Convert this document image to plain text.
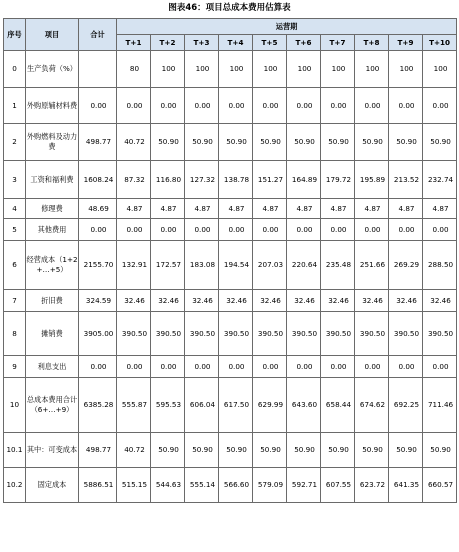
图表46：项目总成本费用估算表
序号	项目	合计	运营期									
			T+1	T+2	T+3	T+4	T+5	T+6	T+7	T+8	T+9	T+10
0	生产负荷（%）		80	100	100	100	100	100	100	100	100	100
1	外购原辅材料费	0.00	0.00	0.00	0.00	0.00	0.00	0.00	0.00	0.00	0.00	0.00
2	外购燃料及动力费	498.77	40.72	50.90	50.90	50.90	50.90	50.90	50.90	50.90	50.90	50.90
3	工资和福利费	1608.24	87.32	116.80	127.32	138.78	151.27	164.89	179.72	195.89	213.52	232.74
4	修理费	48.69	4.87	4.87	4.87	4.87	4.87	4.87	4.87	4.87	4.87	4.87
5	其他费用	0.00	0.00	0.00	0.00	0.00	0.00	0.00	0.00	0.00	0.00	0.00
6	经营成本（1+2+…+5）	2155.70	132.91	172.57	183.08	194.54	207.03	220.64	235.48	251.66	269.29	288.50
7	折旧费	324.59	32.46	32.46	32.46	32.46	32.46	32.46	32.46	32.46	32.46	32.46
8	摊销费	3905.00	390.50	390.50	390.50	390.50	390.50	390.50	390.50	390.50	390.50	390.50
9	利息支出	0.00	0.00	0.00	0.00	0.00	0.00	0.00	0.00	0.00	0.00	0.00
10	总成本费用合计（6+…+9）	6385.28	555.87	595.53	606.04	617.50	629.99	643.60	658.44	674.62	692.25	711.46
10.1	其中：可变成本	498.77	40.72	50.90	50.90	50.90	50.90	50.90	50.90	50.90	50.90	50.90
10.2	固定成本	5886.51	515.15	544.63	555.14	566.60	579.09	592.71	607.55	623.72	641.35	660.57
